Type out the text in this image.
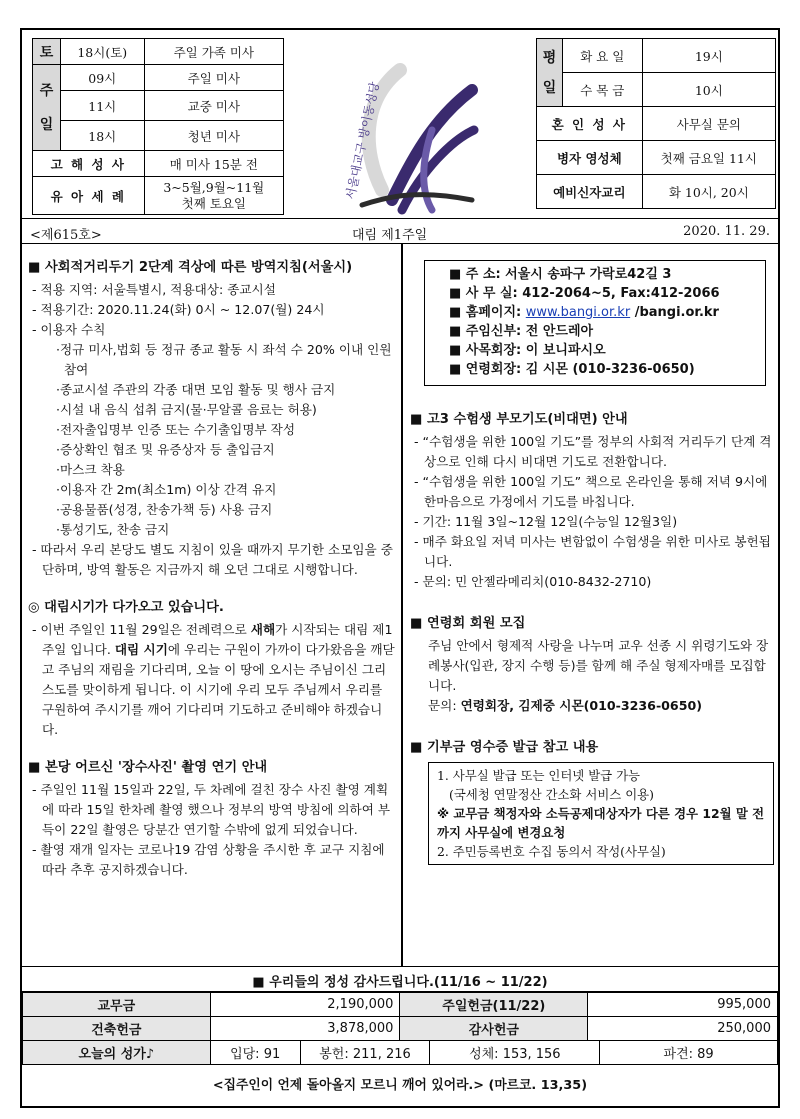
토	18시(토)	주일 가족 미사

주
일	09시	주일 미사
	11시	교중 미사
	18시	청년 미사
고 해 성 사		매 미사 15분 전
유 아 세 례		3~5월,9월~11월
첫째 토요일
서울대교구 방이동성당
평
일	화 요 일	19시
	수 목 금	10시
혼 인 성 사		사무실 문의
병자 영성체		첫째 금요일 11시
예비신자교리		화 10시, 20시
<제615호>	대림 제1주일	2020. 11. 29.
■ 사회적거리두기 2단계 격상에 따른 방역지침(서울시)

- 적용 지역: 서울특별시, 적용대상: 종교시설

- 적용기간: 2020.11.24(화) 0시 ~ 12.07(월) 24시

- 이용자 수칙

·정규 미사,법회 등 정규 종교 활동 시 좌석 수 20% 이내 인원 참여

·종교시설 주관의 각종 대면 모임 활동 및 행사 금지

·시설 내 음식 섭취 금지(물·무알콜 음료는 허용)

·전자출입명부 인증 또는 수기출입명부 작성

·증상확인 협조 및 유증상자 등 출입금지

·마스크 착용

·이용자 간 2m(최소1m) 이상 간격 유지

·공용물품(성경, 찬송가책 등) 사용 금지

·통성기도, 찬송 금지

- 따라서 우리 본당도 별도 지침이 있을 때까지 무기한 소모임을 중단하며, 방역 활동은 지금까지 해 오던 그대로 시행합니다.

◎ 대림시기가 다가오고 있습니다.

- 이번 주일인 11월 29일은 전례력으로 새해가 시작되는 대림 제1주일 입니다. 대림 시기에 우리는 구원이 가까이 다가왔음을 깨닫고 주님의 재림을 기다리며, 오늘 이 땅에 오시는 주님이신 그리스도를 맞이하게 됩니다. 이 시기에 우리 모두 주님께서 우리를 구원하여 주시기를 깨어 기다리며 기도하고 준비해야 하겠습니다.

■ 본당 어르신 '장수사진' 촬영 연기 안내

- 주일인 11월 15일과 22일, 두 차례에 걸친 장수 사진 촬영 계획에 따라 15일 한차례 촬영 했으나 정부의 방역 방침에 의하여 부득이 22일 촬영은 당분간 연기할 수밖에 없게 되었습니다.

- 촬영 재개 일자는 코로나19 감염 상황을 주시한 후 교구 지침에 따라 추후 공지하겠습니다.

■ 주 소: 서울시 송파구 가락로42길 3
■ 사 무 실: 412-2064~5, Fax:412-2066
■ 홈페이지: www.bangi.or.kr /bangi.or.kr
■ 주임신부: 전 안드레아
■ 사목회장: 이 보니파시오
■ 연령회장: 김 시몬 (010-3236-0650)
■ 고3 수험생 부모기도(비대면) 안내

- “수험생을 위한 100일 기도”를 정부의 사회적 거리두기 단계 격상으로 인해 다시 비대면 기도로 전환합니다.

- “수험생을 위한 100일 기도” 책으로 온라인을 통해 저녁 9시에 한마음으로 가정에서 기도를 바칩니다.

- 기간: 11월 3일~12월 12일(수능일 12월3일)

- 매주 화요일 저녁 미사는 변함없이 수험생을 위한 미사로 봉헌됩니다.

- 문의: 민 안젤라메리치(010-8432-2710)

■ 연령회 회원 모집

주님 안에서 형제적 사랑을 나누며 교우 선종 시 위령기도와 장례봉사(입관, 장지 수행 등)를 함께 해 주실 형제자매를 모집합니다.

문의: 연령회장, 김제중 시몬(010-3236-0650)

■ 기부금 영수증 발급 참고 내용
1. 사무실 발급 또는 인터넷 발급 가능
(국세청 연말정산 간소화 서비스 이용)
※ 교무금 책정자와 소득공제대상자가 다른 경우 12월 말 전까지 사무실에 변경요청
2. 주민등록번호 수집 동의서 작성(사무실)
■ 우리들의 정성 감사드립니다.(11/16 ~ 11/22)
교무금	2,190,000	주일헌금(11/22)	995,000
건축헌금	3,878,000	감사헌금	250,000
오늘의 성가♪	입당: 91	봉헌: 211, 216	성체: 153, 156	파견: 89
<집주인이 언제 돌아올지 모르니 깨어 있어라.> (마르코. 13,35)
